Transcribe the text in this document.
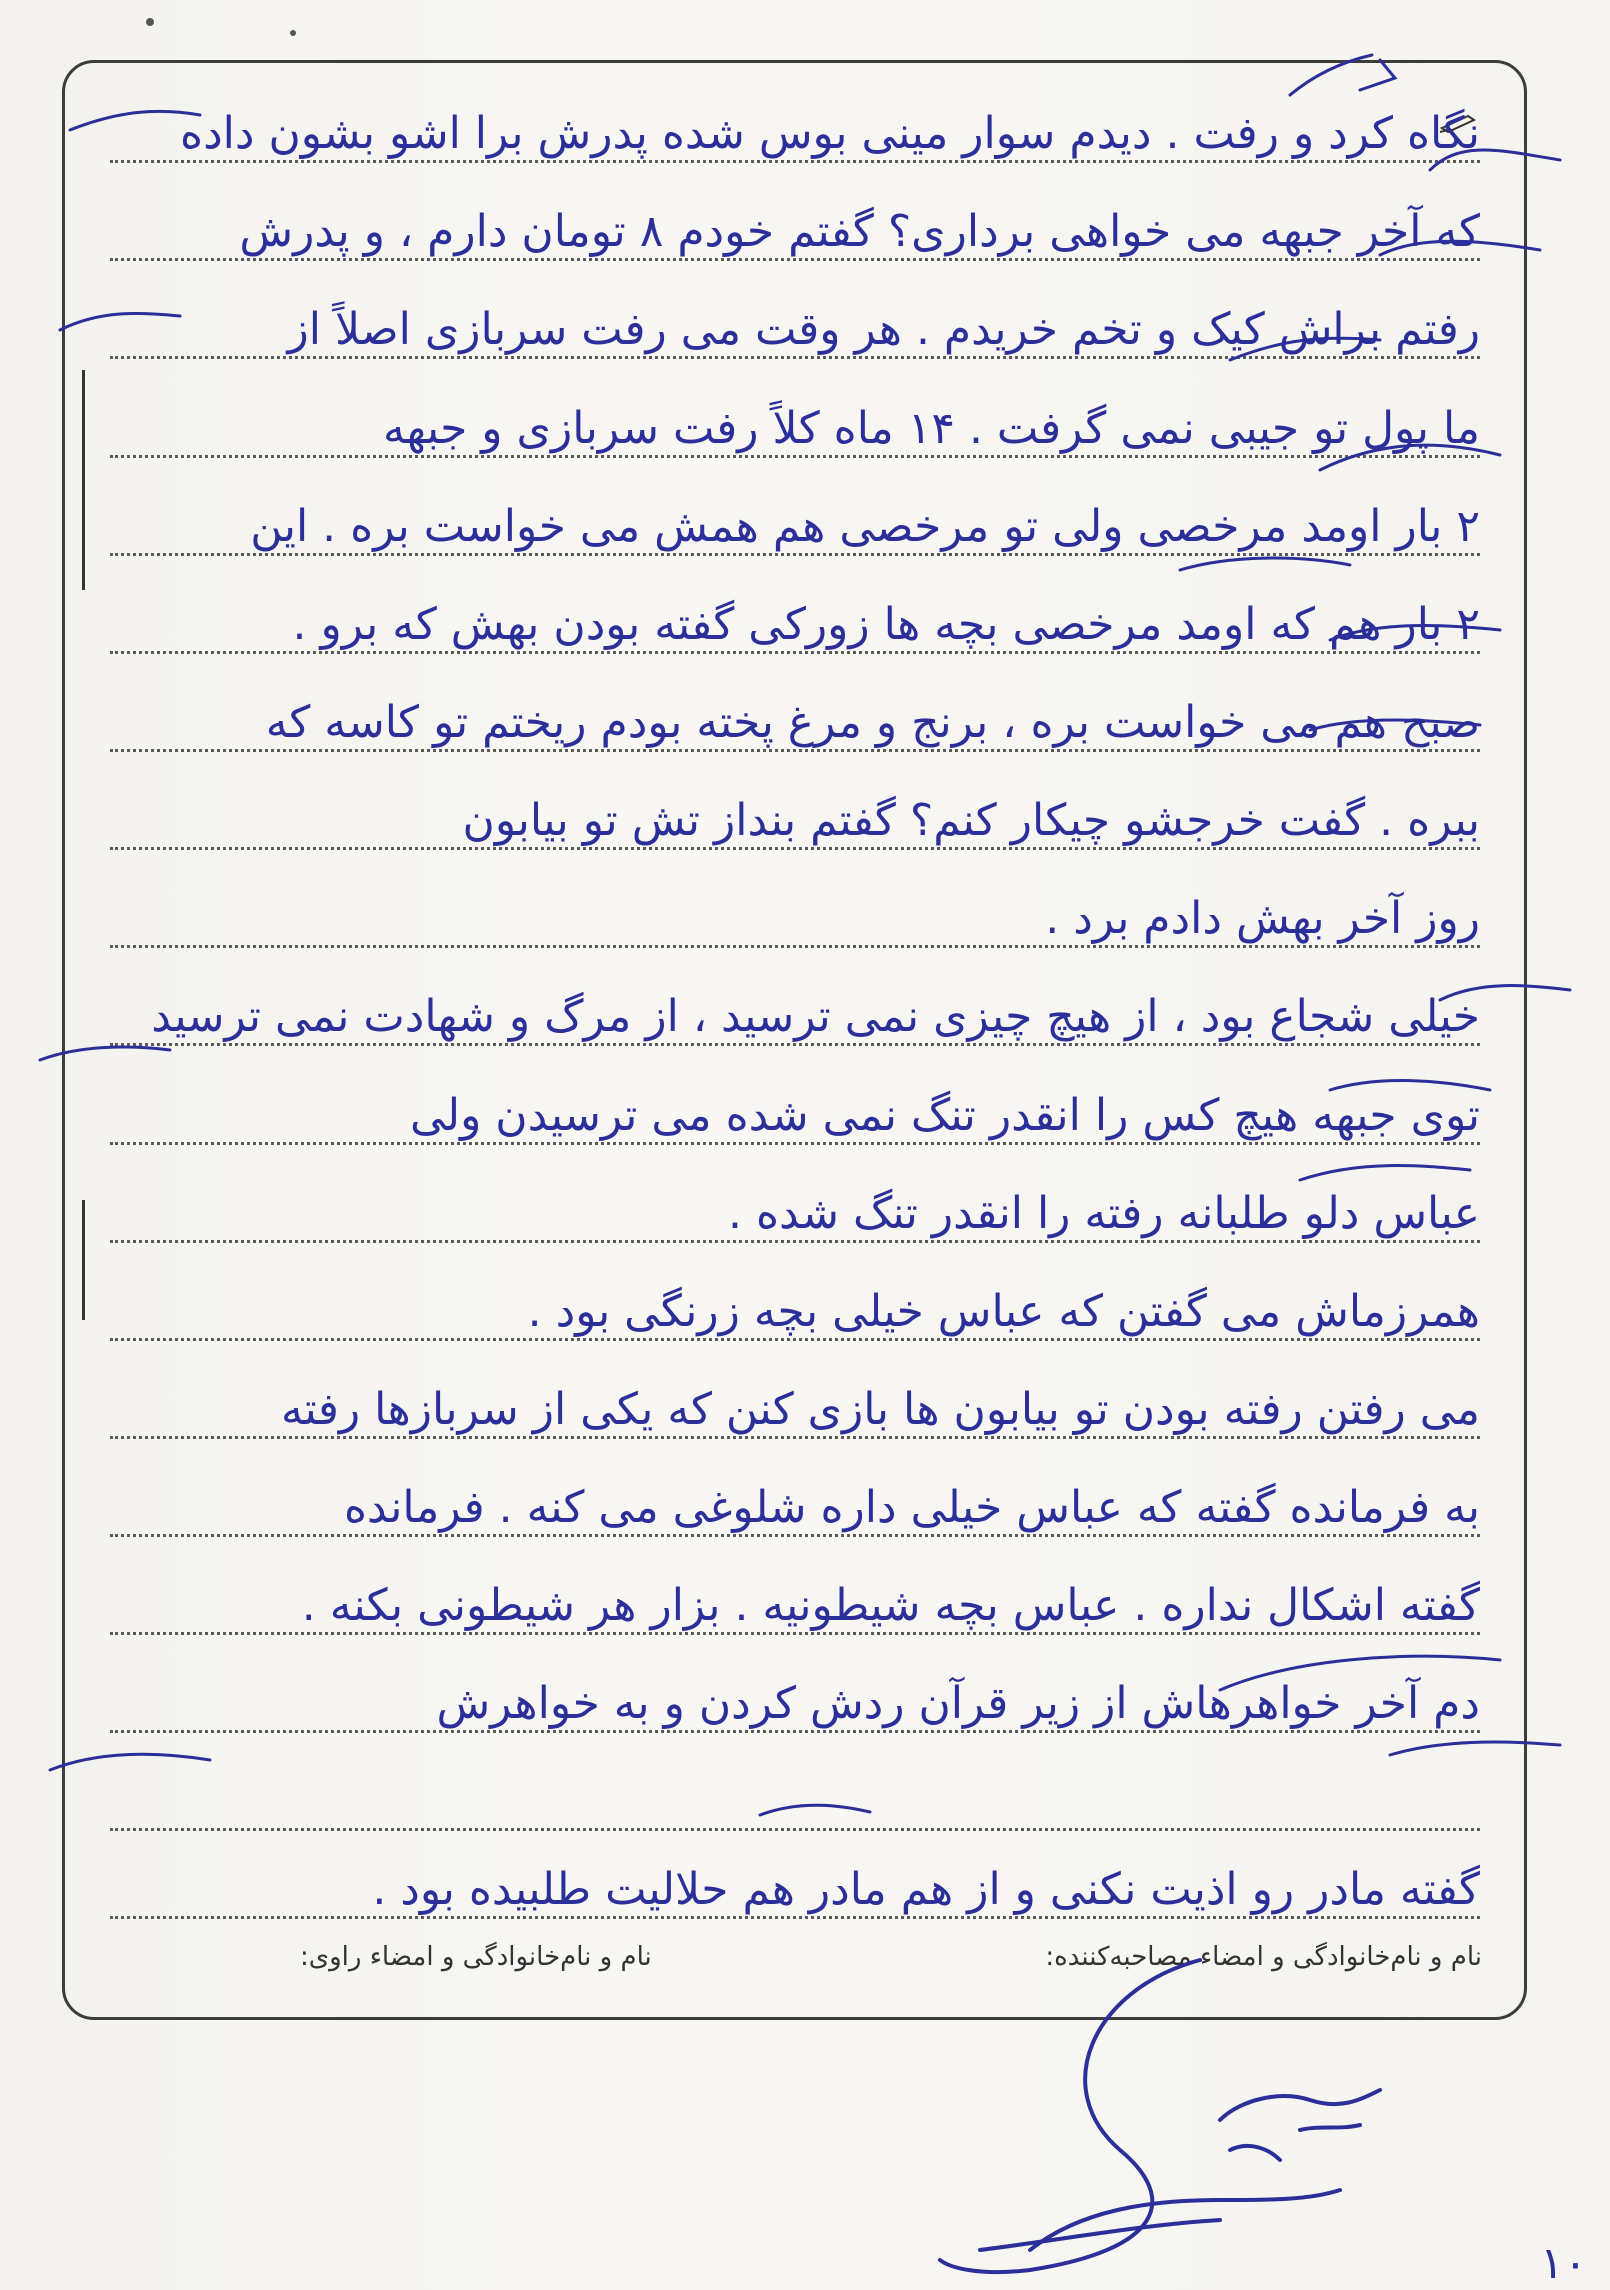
نگاه کرد و رفت . دیدم سوار مینی بوس شده پدرش برا اشو بشون داده
که آخر جبهه می خواهی برداری؟ گفتم خودم ۸ تومان دارم ، و پدرش
رفتم براش کیک و تخم خریدم . هر وقت می رفت سربازی اصلاً از
ما پول تو جیبی نمی گرفت . ۱۴ ماه کلاً رفت سربازی و جبهه
۲ بار اومد مرخصی ولی تو مرخصی هم همش می خواست بره . این
۲ بار هم که اومد مرخصی بچه ها زورکی گفته بودن بهش که برو .
صبح هم می خواست بره ، برنج و مرغ پخته بودم ریختم تو کاسه که
ببره . گفت خرجشو چیکار کنم؟ گفتم بنداز تش تو بیابون
روز آخر بهش دادم برد .
خیلی شجاع بود ، از هیچ چیزی نمی ترسید ، از مرگ و شهادت نمی ترسید
توی جبهه هیچ کس را انقدر تنگ نمی شده می ترسیدن ولی
عباس دلو طلبانه رفته را انقدر تنگ شده .
همرزماش می گفتن که عباس خیلی بچه زرنگی بود .
می رفتن رفته بودن تو بیابون ها بازی کنن که یکی از سربازها رفته
به فرمانده گفته که عباس خیلی داره شلوغی می کنه . فرمانده
گفته اشکال نداره . عباس بچه شیطونیه . بزار هر شیطونی بکنه .
دم آخر خواهرهاش از زیر قرآن ردش کردن و به خواهرش
گفته مادر رو اذیت نکنی و از هم مادر هم حلالیت طلبیده بود .
نام و نام‌خانوادگی و امضاء مصاحبه‌کننده:
نام و نام‌خانوادگی و امضاء راوی:
۱۰
